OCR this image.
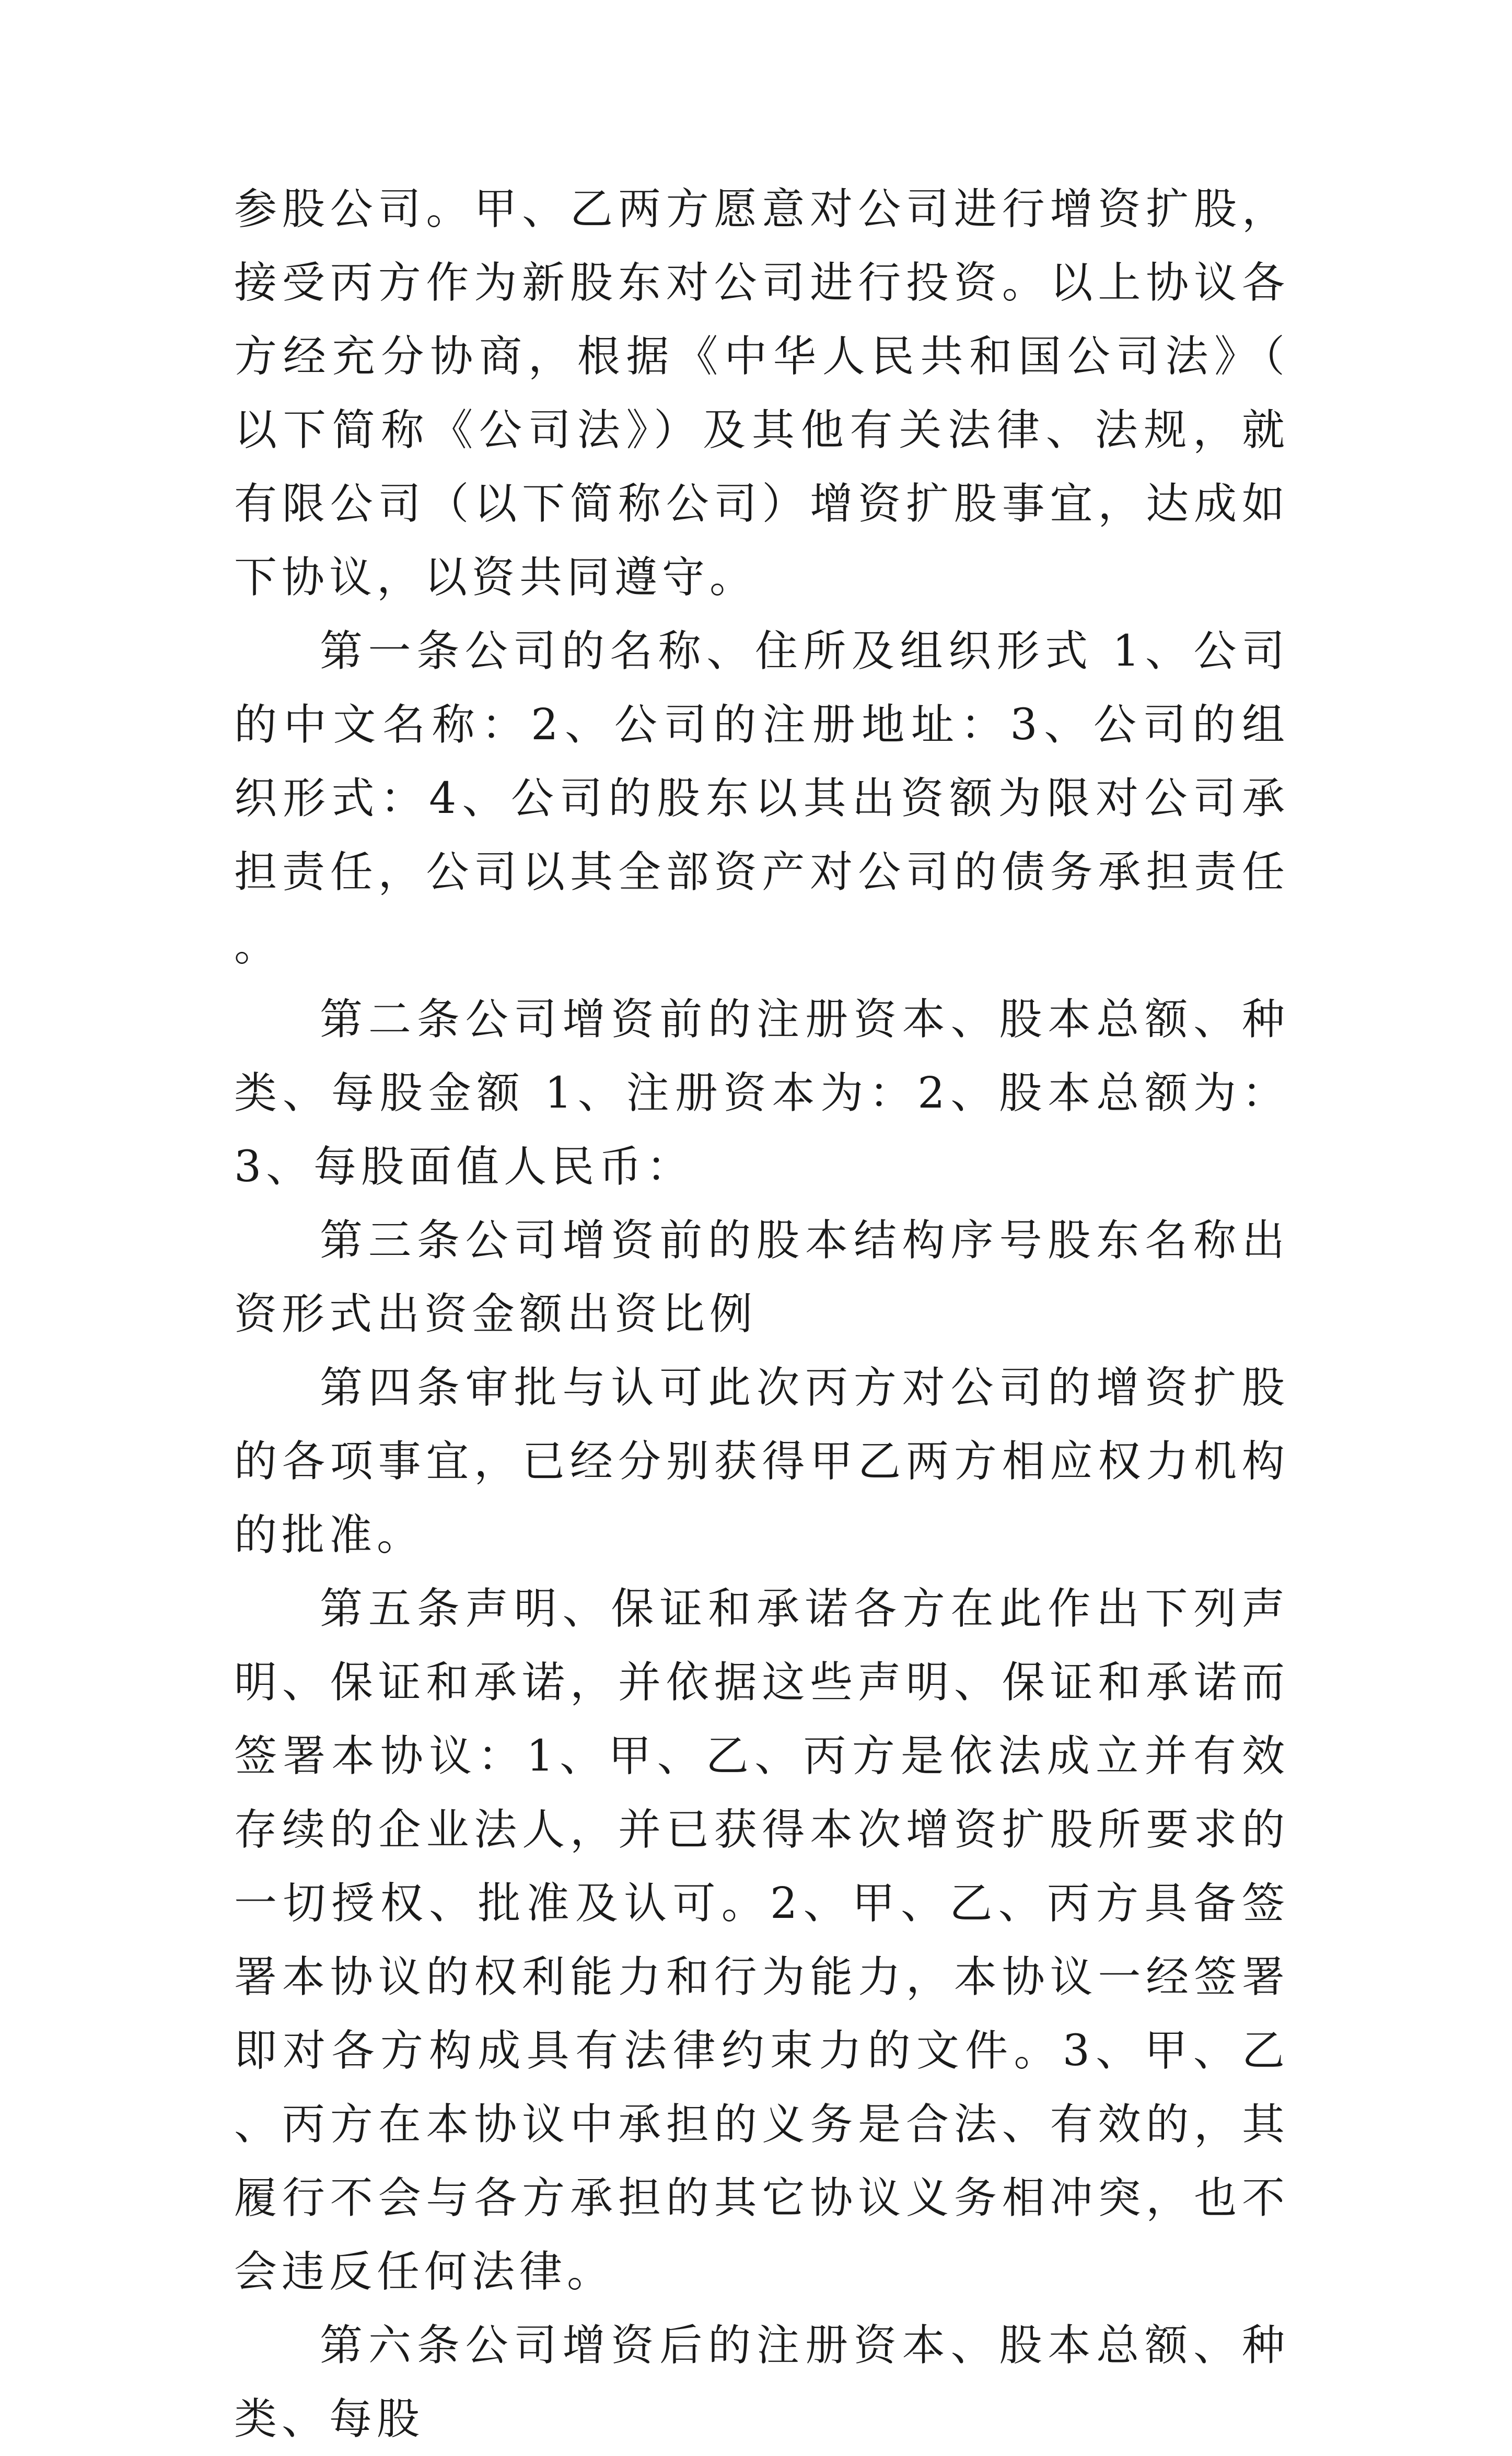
参股公司。甲、乙两方愿意对公司进行增资扩股，接受丙方作为新股东对公司进行投资。以上协议各方经充分协商，根据《中华人民共和国公司法》（以下简称《公司法》）及其他有关法律、法规，就有限公司（以下简称公司）增资扩股事宜，达成如下协议，以资共同遵守。

第一条公司的名称、住所及组织形式 1、公司的中文名称：2、公司的注册地址：3、公司的组织形式：4、公司的股东以其出资额为限对公司承担责任，公司以其全部资产对公司的债务承担责任。

第二条公司增资前的注册资本、股本总额、种类、每股金额 1、注册资本为：2、股本总额为：3、每股面值人民币：

第三条公司增资前的股本结构序号股东名称出资形式出资金额出资比例

第四条审批与认可此次丙方对公司的增资扩股的各项事宜，已经分别获得甲乙两方相应权力机构的批准。

第五条声明、保证和承诺各方在此作出下列声明、保证和承诺，并依据这些声明、保证和承诺而签署本协议：1、甲、乙、丙方是依法成立并有效存续的企业法人，并已获得本次增资扩股所要求的一切授权、批准及认可。2、甲、乙、丙方具备签署本协议的权利能力和行为能力，本协议一经签署即对各方构成具有法律约束力的文件。3、甲、乙、丙方在本协议中承担的义务是合法、有效的，其履行不会与各方承担的其它协议义务相冲突，也不会违反任何法律。

第六条公司增资后的注册资本、股本总额、种类、每股
